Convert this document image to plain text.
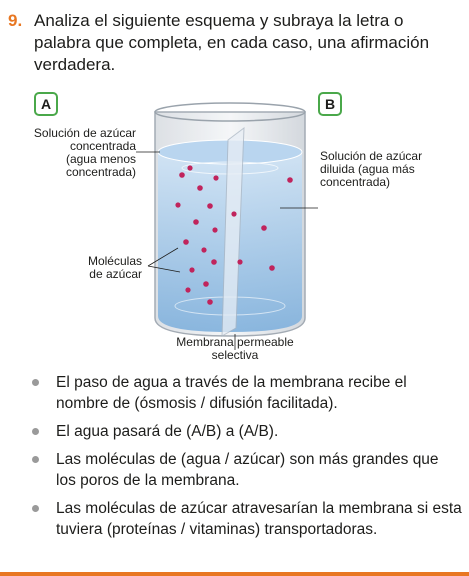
9. Analiza el siguiente esquema y subraya la letra o palabra que completa, en cada caso, una afirmación verdadera.

A	B
Solución de azúcar
concentrada
(agua menos
concentrada)
Moléculas
de azúcar
Solución de azúcar
diluida (agua más
concentrada)
Membrana permeable
selectiva
El paso de agua a través de la membrana recibe el nombre de (ósmosis / difusión facilitada).
El agua pasará de (A/B) a (A/B).
Las moléculas de (agua / azúcar) son más grandes que los poros de la membrana.
Las moléculas de azúcar atravesarían la membrana si esta tuviera (proteínas / vitaminas) transportadoras.
